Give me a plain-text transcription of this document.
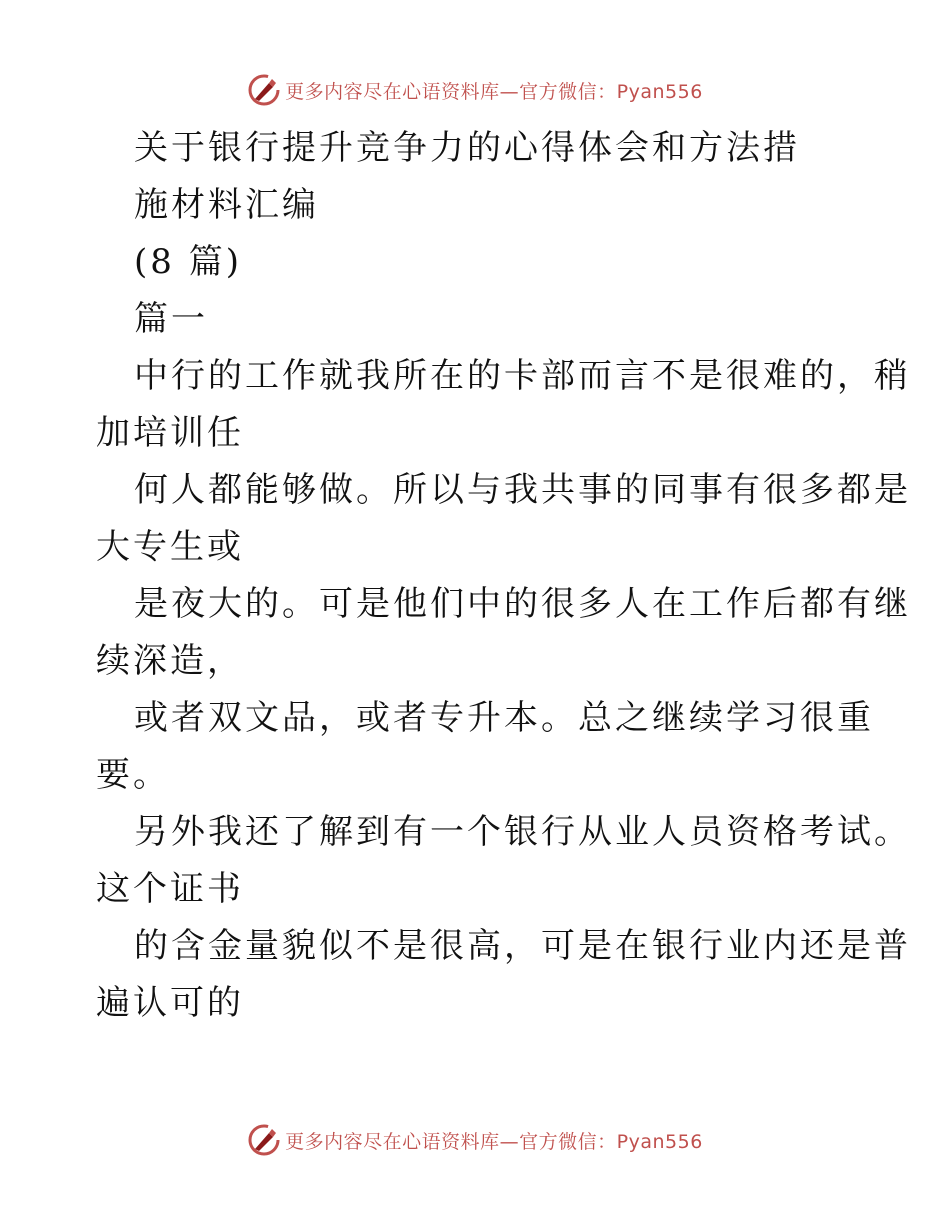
更多内容尽在心语资料库—官方微信：Pyan556
关于银行提升竞争力的心得体会和方法措
施材料汇编
(8 篇)
篇一
中行的工作就我所在的卡部而言不是很难的，稍
加培训任
何人都能够做。所以与我共事的同事有很多都是
大专生或
是夜大的。可是他们中的很多人在工作后都有继
续深造，
或者双文品，或者专升本。总之继续学习很重
要。
另外我还了解到有一个银行从业人员资格考试。
这个证书
的含金量貌似不是很高，可是在银行业内还是普
遍认可的
更多内容尽在心语资料库—官方微信：Pyan556
